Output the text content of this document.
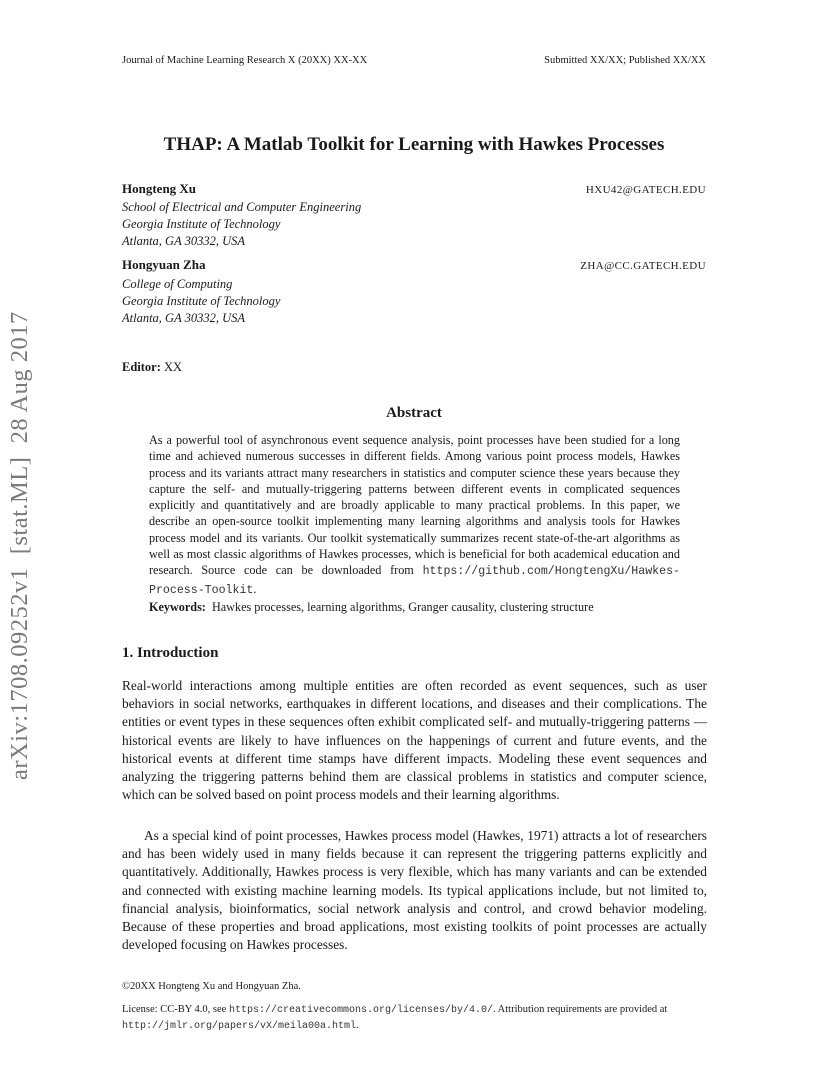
Journal of Machine Learning Research X (20XX) XX-XX	Submitted XX/XX; Published XX/XX
THAP: A Matlab Toolkit for Learning with Hawkes Processes
Hongteng Xu	HXU42@GATECH.EDU
School of Electrical and Computer Engineering
Georgia Institute of Technology
Atlanta, GA 30332, USA
Hongyuan Zha	ZHA@CC.GATECH.EDU
College of Computing
Georgia Institute of Technology
Atlanta, GA 30332, USA
Editor: XX
Abstract
As a powerful tool of asynchronous event sequence analysis, point processes have been studied for a long time and achieved numerous successes in different fields. Among various point process models, Hawkes process and its variants attract many researchers in statistics and computer science these years because they capture the self- and mutually-triggering patterns between different events in complicated sequences explicitly and quantitatively and are broadly applicable to many practical problems. In this paper, we describe an open-source toolkit implementing many learning algorithms and analysis tools for Hawkes process model and its variants. Our toolkit systematically summarizes recent state-of-the-art algorithms as well as most classic algorithms of Hawkes processes, which is beneficial for both academical education and research. Source code can be downloaded from https://github.com/HongtengXu/Hawkes-Process-Toolkit.
Keywords: Hawkes processes, learning algorithms, Granger causality, clustering structure
1. Introduction
Real-world interactions among multiple entities are often recorded as event sequences, such as user behaviors in social networks, earthquakes in different locations, and diseases and their complications. The entities or event types in these sequences often exhibit complicated self- and mutually-triggering patterns — historical events are likely to have influences on the happenings of current and future events, and the historical events at different time stamps have different impacts. Modeling these event sequences and analyzing the triggering patterns behind them are classical problems in statistics and computer science, which can be solved based on point process models and their learning algorithms.
As a special kind of point processes, Hawkes process model (Hawkes, 1971) attracts a lot of researchers and has been widely used in many fields because it can represent the triggering patterns explicitly and quantitatively. Additionally, Hawkes process is very flexible, which has many variants and can be extended and connected with existing machine learning models. Its typical applications include, but not limited to, financial analysis, bioinformatics, social network analysis and control, and crowd behavior modeling. Because of these properties and broad applications, most existing toolkits of point processes are actually developed focusing on Hawkes processes.
©20XX Hongteng Xu and Hongyuan Zha.
License: CC-BY 4.0, see https://creativecommons.org/licenses/by/4.0/. Attribution requirements are provided at http://jmlr.org/papers/vX/meila00a.html.
arXiv:1708.09252v1  [stat.ML]  28 Aug 2017
